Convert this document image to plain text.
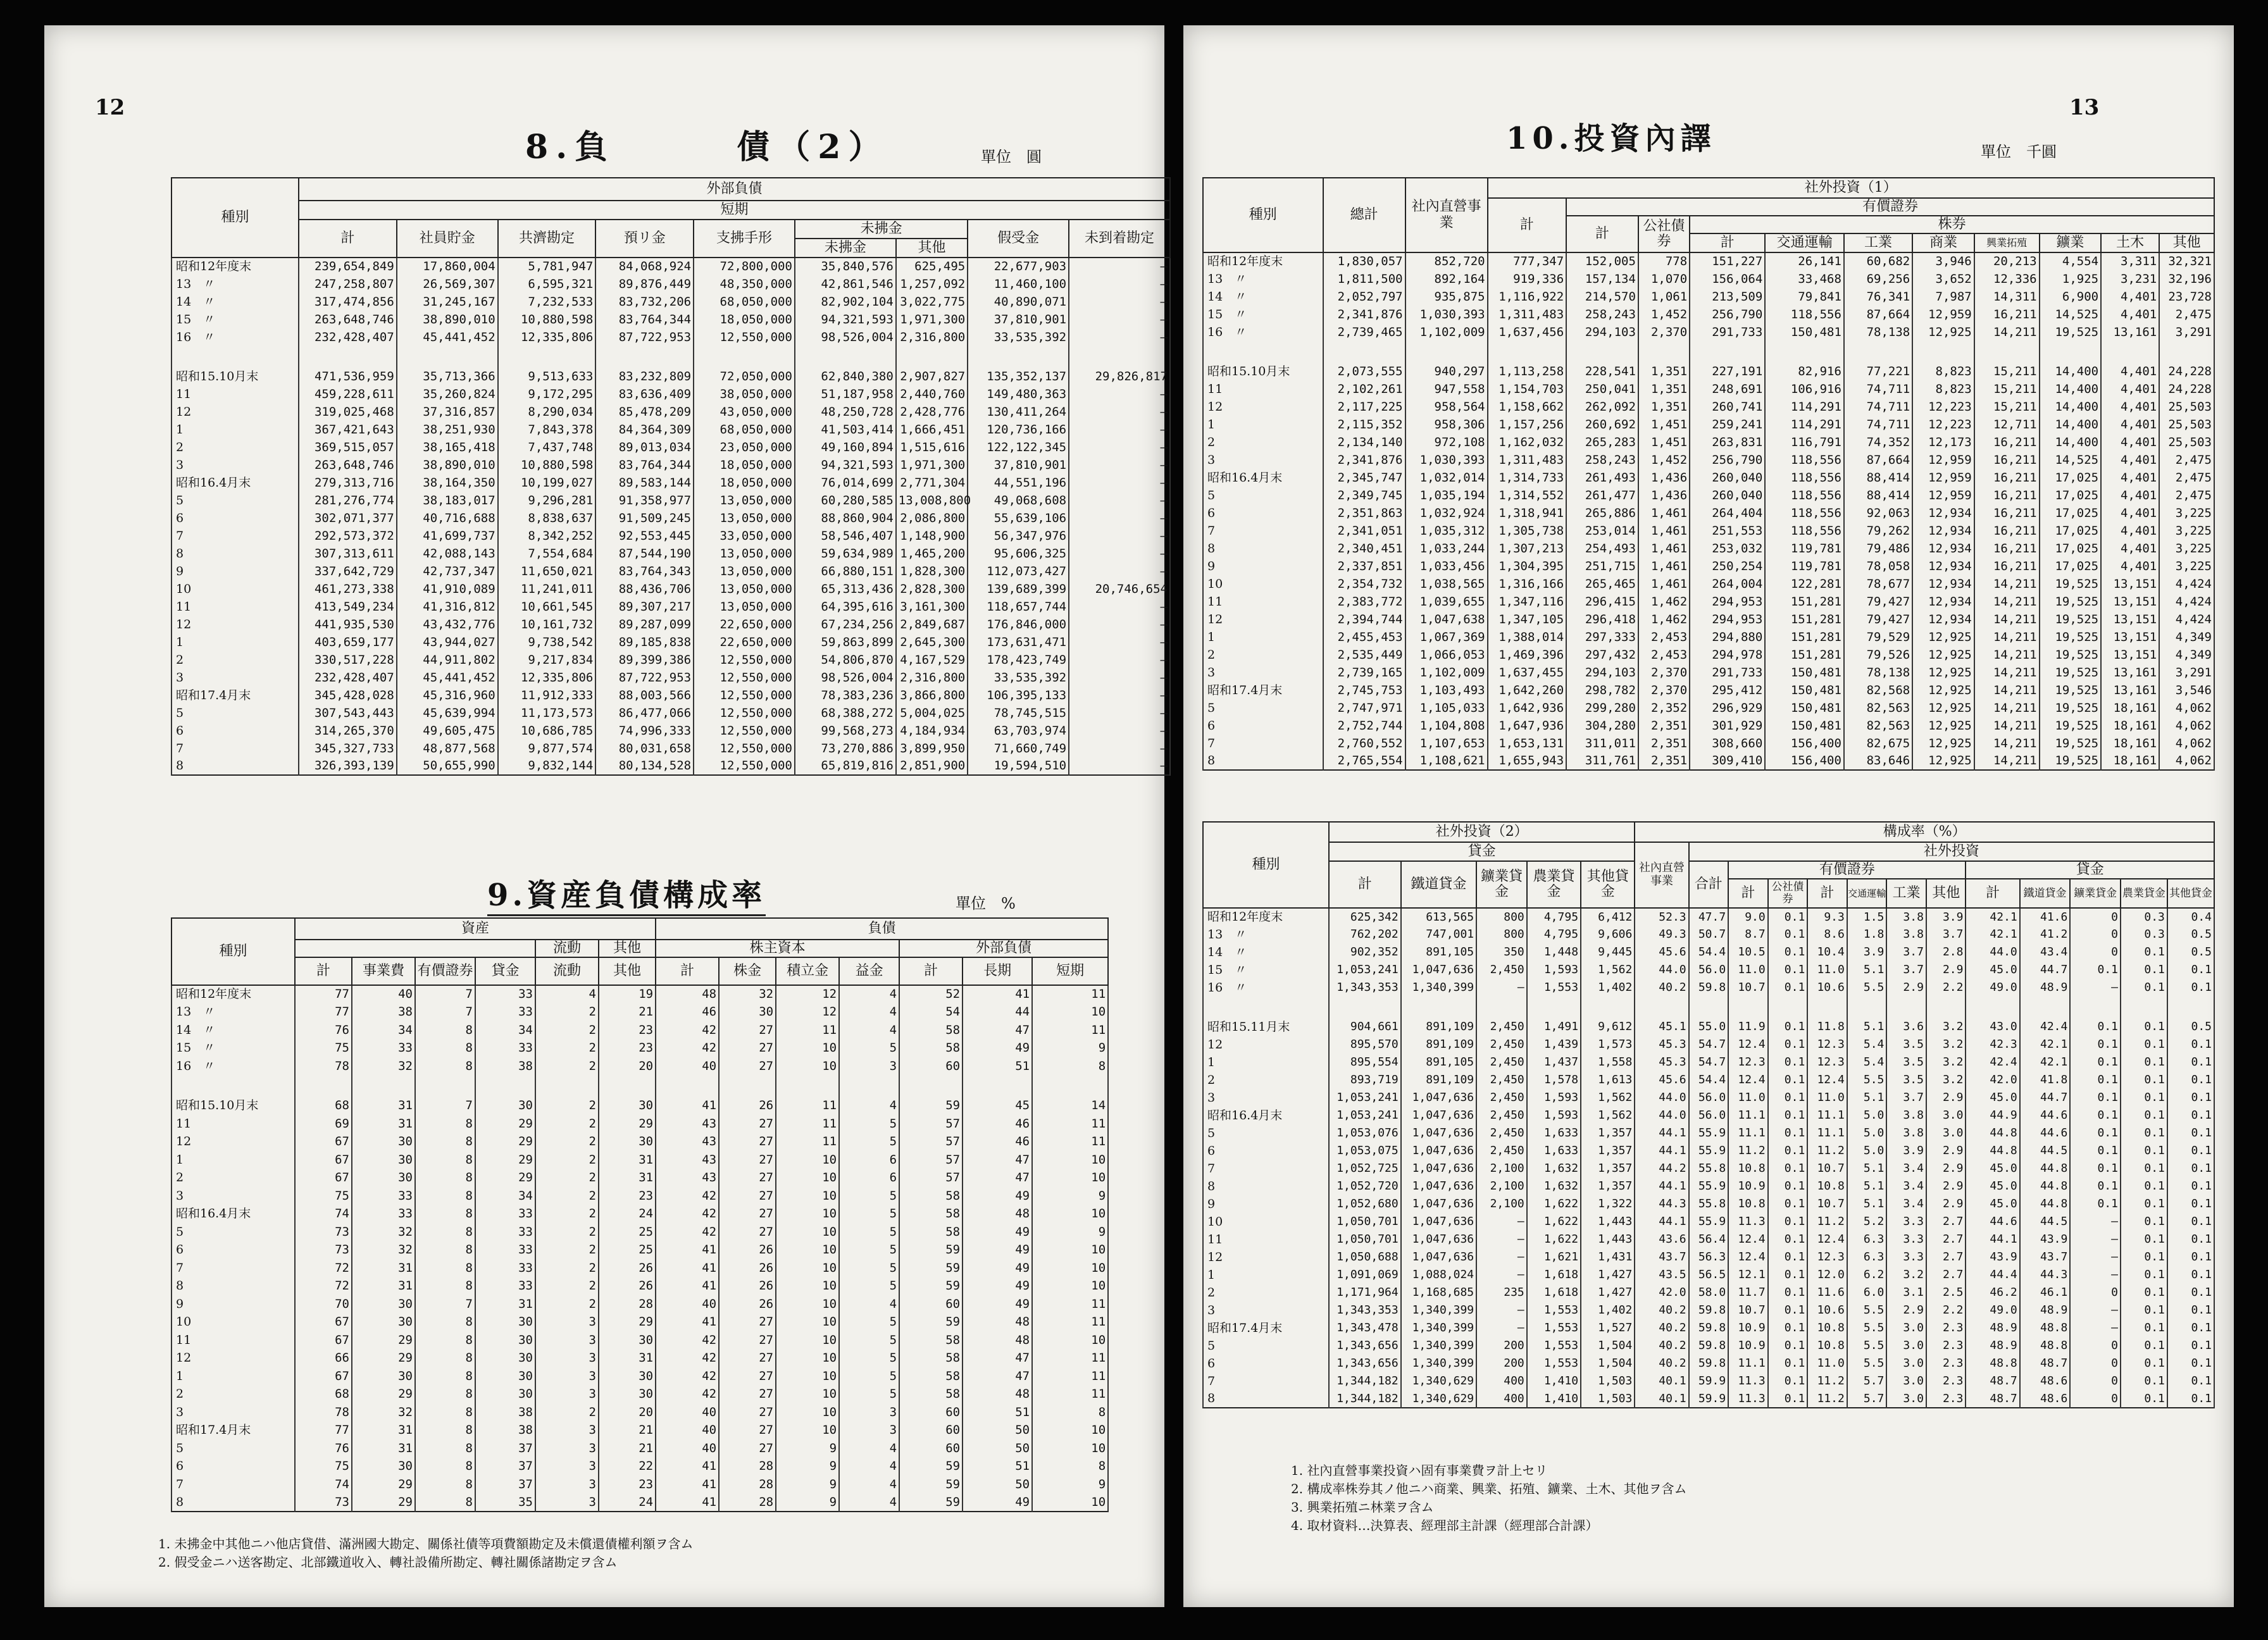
12
8.負　　　債（2）	單位　圓
種別	外部負債								
	短期								
	計	社員貯金	共濟勘定	預リ金	支拂手形	未拂金		假受金	未到着勘定
						未拂金	其他		
昭和12年度末	239,654,849	17,860,004	5,781,947	84,068,924	72,800,000	35,840,576	625,495	22,677,903	—
13　〃	247,258,807	26,569,307	6,595,321	89,876,449	48,350,000	42,861,546	1,257,092	11,460,100	—
14　〃	317,474,856	31,245,167	7,232,533	83,732,206	68,050,000	82,902,104	3,022,775	40,890,071	—
15　〃	263,648,746	38,890,010	10,880,598	83,764,344	18,050,000	94,321,593	1,971,300	37,810,901	—
16　〃	232,428,407	45,441,452	12,335,806	87,722,953	12,550,000	98,526,004	2,316,800	33,535,392	—

昭和15.10月末	471,536,959	35,713,366	9,513,633	83,232,809	72,050,000	62,840,380	2,907,827	135,352,137	29,826,817
11	459,228,611	35,260,824	9,172,295	83,636,409	38,050,000	51,187,958	2,440,760	149,480,363	—
12	319,025,468	37,316,857	8,290,034	85,478,209	43,050,000	48,250,728	2,428,776	130,411,264	—
1	367,421,643	38,251,930	7,843,378	84,364,309	68,050,000	41,503,414	1,666,451	120,736,166	—
2	369,515,057	38,165,418	7,437,748	89,013,034	23,050,000	49,160,894	1,515,616	122,122,345	—
3	263,648,746	38,890,010	10,880,598	83,764,344	18,050,000	94,321,593	1,971,300	37,810,901	—
昭和16.4月末	279,313,716	38,164,350	10,199,027	89,583,144	18,050,000	76,014,699	2,771,304	44,551,196	—
5	281,276,774	38,183,017	9,296,281	91,358,977	13,050,000	60,280,585	13,008,800	49,068,608	—
6	302,071,377	40,716,688	8,838,637	91,509,245	13,050,000	88,860,904	2,086,800	55,639,106	—
7	292,573,372	41,699,737	8,342,252	92,553,445	33,050,000	58,546,407	1,148,900	56,347,976	—
8	307,313,611	42,088,143	7,554,684	87,544,190	13,050,000	59,634,989	1,465,200	95,606,325	—
9	337,642,729	42,737,347	11,650,021	83,764,343	13,050,000	66,880,151	1,828,300	112,073,427	—
10	461,273,338	41,910,089	11,241,011	88,436,706	13,050,000	65,313,436	2,828,300	139,689,399	20,746,654
11	413,549,234	41,316,812	10,661,545	89,307,217	13,050,000	64,395,616	3,161,300	118,657,744	—
12	441,935,530	43,432,776	10,161,732	89,287,099	22,650,000	67,234,256	2,849,687	176,846,000	—
1	403,659,177	43,944,027	9,738,542	89,185,838	22,650,000	59,863,899	2,645,300	173,631,471	—
2	330,517,228	44,911,802	9,217,834	89,399,386	12,550,000	54,806,870	4,167,529	178,423,749	—
3	232,428,407	45,441,452	12,335,806	87,722,953	12,550,000	98,526,004	2,316,800	33,535,392	—
昭和17.4月末	345,428,028	45,316,960	11,912,333	88,003,566	12,550,000	78,383,236	3,866,800	106,395,133	—
5	307,543,443	45,639,994	11,173,573	86,477,066	12,550,000	68,388,272	5,004,025	78,745,515	—
6	314,265,370	49,605,475	10,686,785	74,996,333	12,550,000	99,568,273	4,184,934	63,703,974	—
7	345,327,733	48,877,568	9,877,574	80,031,658	12,550,000	73,270,886	3,899,950	71,660,749	—
8	326,393,139	50,655,990	9,832,144	80,134,528	12,550,000	65,819,816	2,851,900	19,594,510	—
9.資産負債構成率	單位　%
種別	資産						負債						
					流動	其他	株主資本				外部負債		
	計	事業費	有價證券	貸金	流動	其他	計	株金	積立金	益金	計	長期	短期
昭和12年度末	77	40	7	33	4	19	48	32	12	4	52	41	11
13　〃	77	38	7	33	2	21	46	30	12	4	54	44	10
14　〃	76	34	8	34	2	23	42	27	11	4	58	47	11
15　〃	75	33	8	33	2	23	42	27	10	5	58	49	9
16　〃	78	32	8	38	2	20	40	27	10	3	60	51	8

昭和15.10月末	68	31	7	30	2	30	41	26	11	4	59	45	14
11	69	31	8	29	2	29	43	27	11	5	57	46	11
12	67	30	8	29	2	30	43	27	11	5	57	46	11
1	67	30	8	29	2	31	43	27	10	6	57	47	10
2	67	30	8	29	2	31	43	27	10	6	57	47	10
3	75	33	8	34	2	23	42	27	10	5	58	49	9
昭和16.4月末	74	33	8	33	2	24	42	27	10	5	58	48	10
5	73	32	8	33	2	25	42	27	10	5	58	49	9
6	73	32	8	33	2	25	41	26	10	5	59	49	10
7	72	31	8	33	2	26	41	26	10	5	59	49	10
8	72	31	8	33	2	26	41	26	10	5	59	49	10
9	70	30	7	31	2	28	40	26	10	4	60	49	11
10	67	30	8	30	3	29	41	27	10	5	59	48	11
11	67	29	8	30	3	30	42	27	10	5	58	48	10
12	66	29	8	30	3	31	42	27	10	5	58	47	11
1	67	30	8	30	3	30	42	27	10	5	58	47	11
2	68	29	8	30	3	30	42	27	10	5	58	48	11
3	78	32	8	38	2	20	40	27	10	3	60	51	8
昭和17.4月末	77	31	8	38	3	21	40	27	10	3	60	50	10
5	76	31	8	37	3	21	40	27	9	4	60	50	10
6	75	30	8	37	3	22	41	28	9	4	59	51	8
7	74	29	8	37	3	23	41	28	9	4	59	50	9
8	73	29	8	35	3	24	41	28	9	4	59	49	10
1. 未拂金中其他ニハ他店貸借、滿洲國大勘定、關係社債等項費額勘定及未償還債權利額ヲ含ム
2. 假受金ニハ送客勘定、北部鐵道收入、轉社設備所勘定、轉社關係諸勘定ヲ含ム
13
10.投資內譯	單位　千圓
種別	總計	社內直營事業	社外投資（1）										
			計	有價證券									
				計	公社債券	株券							
						計	交通運輸	工業	商業	興業拓殖	鑛業	土木	其他
昭和12年度末	1,830,057	852,720	777,347	152,005	778	151,227	26,141	60,682	3,946	20,213	4,554	3,311	32,321
13　〃	1,811,500	892,164	919,336	157,134	1,070	156,064	33,468	69,256	3,652	12,336	1,925	3,231	32,196
14　〃	2,052,797	935,875	1,116,922	214,570	1,061	213,509	79,841	76,341	7,987	14,311	6,900	4,401	23,728
15　〃	2,341,876	1,030,393	1,311,483	258,243	1,452	256,790	118,556	87,664	12,959	16,211	14,525	4,401	2,475
16　〃	2,739,465	1,102,009	1,637,456	294,103	2,370	291,733	150,481	78,138	12,925	14,211	19,525	13,161	3,291

昭和15.10月末	2,073,555	940,297	1,113,258	228,541	1,351	227,191	82,916	77,221	8,823	15,211	14,400	4,401	24,228
11	2,102,261	947,558	1,154,703	250,041	1,351	248,691	106,916	74,711	8,823	15,211	14,400	4,401	24,228
12	2,117,225	958,564	1,158,662	262,092	1,351	260,741	114,291	74,711	12,223	15,211	14,400	4,401	25,503
1	2,115,352	958,306	1,157,256	260,692	1,451	259,241	114,291	74,711	12,223	12,711	14,400	4,401	25,503
2	2,134,140	972,108	1,162,032	265,283	1,451	263,831	116,791	74,352	12,173	16,211	14,400	4,401	25,503
3	2,341,876	1,030,393	1,311,483	258,243	1,452	256,790	118,556	87,664	12,959	16,211	14,525	4,401	2,475
昭和16.4月末	2,345,747	1,032,014	1,314,733	261,493	1,436	260,040	118,556	88,414	12,959	16,211	17,025	4,401	2,475
5	2,349,745	1,035,194	1,314,552	261,477	1,436	260,040	118,556	88,414	12,959	16,211	17,025	4,401	2,475
6	2,351,863	1,032,924	1,318,941	265,886	1,461	264,404	118,556	92,063	12,934	16,211	17,025	4,401	3,225
7	2,341,051	1,035,312	1,305,738	253,014	1,461	251,553	118,556	79,262	12,934	16,211	17,025	4,401	3,225
8	2,340,451	1,033,244	1,307,213	254,493	1,461	253,032	119,781	79,486	12,934	16,211	17,025	4,401	3,225
9	2,337,851	1,033,456	1,304,395	251,715	1,461	250,254	119,781	78,058	12,934	16,211	17,025	4,401	3,225
10	2,354,732	1,038,565	1,316,166	265,465	1,461	264,004	122,281	78,677	12,934	14,211	19,525	13,151	4,424
11	2,383,772	1,039,655	1,347,116	296,415	1,462	294,953	151,281	79,427	12,934	14,211	19,525	13,151	4,424
12	2,394,744	1,047,638	1,347,105	296,418	1,462	294,953	151,281	79,427	12,934	14,211	19,525	13,151	4,424
1	2,455,453	1,067,369	1,388,014	297,333	2,453	294,880	151,281	79,529	12,925	14,211	19,525	13,151	4,349
2	2,535,449	1,066,053	1,469,396	297,432	2,453	294,978	151,281	79,526	12,925	14,211	19,525	13,151	4,349
3	2,739,165	1,102,009	1,637,455	294,103	2,370	291,733	150,481	78,138	12,925	14,211	19,525	13,161	3,291
昭和17.4月末	2,745,753	1,103,493	1,642,260	298,782	2,370	295,412	150,481	82,568	12,925	14,211	19,525	13,161	3,546
5	2,747,971	1,105,033	1,642,936	299,280	2,352	296,929	150,481	82,563	12,925	14,211	19,525	18,161	4,062
6	2,752,744	1,104,808	1,647,936	304,280	2,351	301,929	150,481	82,563	12,925	14,211	19,525	18,161	4,062
7	2,760,552	1,107,653	1,653,131	311,011	2,351	308,660	156,400	82,675	12,925	14,211	19,525	18,161	4,062
8	2,765,554	1,108,621	1,655,943	311,761	2,351	309,410	156,400	83,646	12,925	14,211	19,525	18,161	4,062
種別	社外投資（2）					構成率（%）												
	貸金					社內直營事業	社外投資											
	計	鐵道貸金	鑛業貸金	農業貸金	其他貸金		合計	有價證券						貸金				
								計	公社債券	計	交通運輸	工業	其他	計	鐵道貸金	鑛業貸金	農業貸金	其他貸金
昭和12年度末	625,342	613,565	800	4,795	6,412	52.3	47.7	9.0	0.1	9.3	1.5	3.8	3.9	42.1	41.6	0	0.3	0.4
13　〃	762,202	747,001	800	4,795	9,606	49.3	50.7	8.7	0.1	8.6	1.8	3.8	3.7	42.1	41.2	0	0.3	0.5
14　〃	902,352	891,105	350	1,448	9,445	45.6	54.4	10.5	0.1	10.4	3.9	3.7	2.8	44.0	43.4	0	0.1	0.5
15　〃	1,053,241	1,047,636	2,450	1,593	1,562	44.0	56.0	11.0	0.1	11.0	5.1	3.7	2.9	45.0	44.7	0.1	0.1	0.1
16　〃	1,343,353	1,340,399	—	1,553	1,402	40.2	59.8	10.7	0.1	10.6	5.5	2.9	2.2	49.0	48.9	—	0.1	0.1

昭和15.11月末	904,661	891,109	2,450	1,491	9,612	45.1	55.0	11.9	0.1	11.8	5.1	3.6	3.2	43.0	42.4	0.1	0.1	0.5
12	895,570	891,109	2,450	1,439	1,573	45.3	54.7	12.4	0.1	12.3	5.4	3.5	3.2	42.3	42.1	0.1	0.1	0.1
1	895,554	891,105	2,450	1,437	1,558	45.3	54.7	12.3	0.1	12.3	5.4	3.5	3.2	42.4	42.1	0.1	0.1	0.1
2	893,719	891,109	2,450	1,578	1,613	45.6	54.4	12.4	0.1	12.4	5.5	3.5	3.2	42.0	41.8	0.1	0.1	0.1
3	1,053,241	1,047,636	2,450	1,593	1,562	44.0	56.0	11.0	0.1	11.0	5.1	3.7	2.9	45.0	44.7	0.1	0.1	0.1
昭和16.4月末	1,053,241	1,047,636	2,450	1,593	1,562	44.0	56.0	11.1	0.1	11.1	5.0	3.8	3.0	44.9	44.6	0.1	0.1	0.1
5	1,053,076	1,047,636	2,450	1,633	1,357	44.1	55.9	11.1	0.1	11.1	5.0	3.8	3.0	44.8	44.6	0.1	0.1	0.1
6	1,053,075	1,047,636	2,450	1,633	1,357	44.1	55.9	11.2	0.1	11.2	5.0	3.9	2.9	44.8	44.5	0.1	0.1	0.1
7	1,052,725	1,047,636	2,100	1,632	1,357	44.2	55.8	10.8	0.1	10.7	5.1	3.4	2.9	45.0	44.8	0.1	0.1	0.1
8	1,052,720	1,047,636	2,100	1,632	1,357	44.1	55.9	10.9	0.1	10.8	5.1	3.4	2.9	45.0	44.8	0.1	0.1	0.1
9	1,052,680	1,047,636	2,100	1,622	1,322	44.3	55.8	10.8	0.1	10.7	5.1	3.4	2.9	45.0	44.8	0.1	0.1	0.1
10	1,050,701	1,047,636	—	1,622	1,443	44.1	55.9	11.3	0.1	11.2	5.2	3.3	2.7	44.6	44.5	—	0.1	0.1
11	1,050,701	1,047,636	—	1,622	1,443	43.6	56.4	12.4	0.1	12.4	6.3	3.3	2.7	44.1	43.9	—	0.1	0.1
12	1,050,688	1,047,636	—	1,621	1,431	43.7	56.3	12.4	0.1	12.3	6.3	3.3	2.7	43.9	43.7	—	0.1	0.1
1	1,091,069	1,088,024	—	1,618	1,427	43.5	56.5	12.1	0.1	12.0	6.2	3.2	2.7	44.4	44.3	—	0.1	0.1
2	1,171,964	1,168,685	235	1,618	1,427	42.0	58.0	11.7	0.1	11.6	6.0	3.1	2.5	46.2	46.1	0	0.1	0.1
3	1,343,353	1,340,399	—	1,553	1,402	40.2	59.8	10.7	0.1	10.6	5.5	2.9	2.2	49.0	48.9	—	0.1	0.1
昭和17.4月末	1,343,478	1,340,399	—	1,553	1,527	40.2	59.8	10.9	0.1	10.8	5.5	3.0	2.3	48.9	48.8	—	0.1	0.1
5	1,343,656	1,340,399	200	1,553	1,504	40.2	59.8	10.9	0.1	10.8	5.5	3.0	2.3	48.9	48.8	0	0.1	0.1
6	1,343,656	1,340,399	200	1,553	1,504	40.2	59.8	11.1	0.1	11.0	5.5	3.0	2.3	48.8	48.7	0	0.1	0.1
7	1,344,182	1,340,629	400	1,410	1,503	40.1	59.9	11.3	0.1	11.2	5.7	3.0	2.3	48.7	48.6	0	0.1	0.1
8	1,344,182	1,340,629	400	1,410	1,503	40.1	59.9	11.3	0.1	11.2	5.7	3.0	2.3	48.7	48.6	0	0.1	0.1
1. 社內直營事業投資ハ固有事業費ヲ計上セリ
2. 構成率株券其ノ他ニハ商業、興業、拓殖、鑛業、土木、其他ヲ含ム
3. 興業拓殖ニ林業ヲ含ム
4. 取材資料…決算表、經理部主計課（經理部合計課）
